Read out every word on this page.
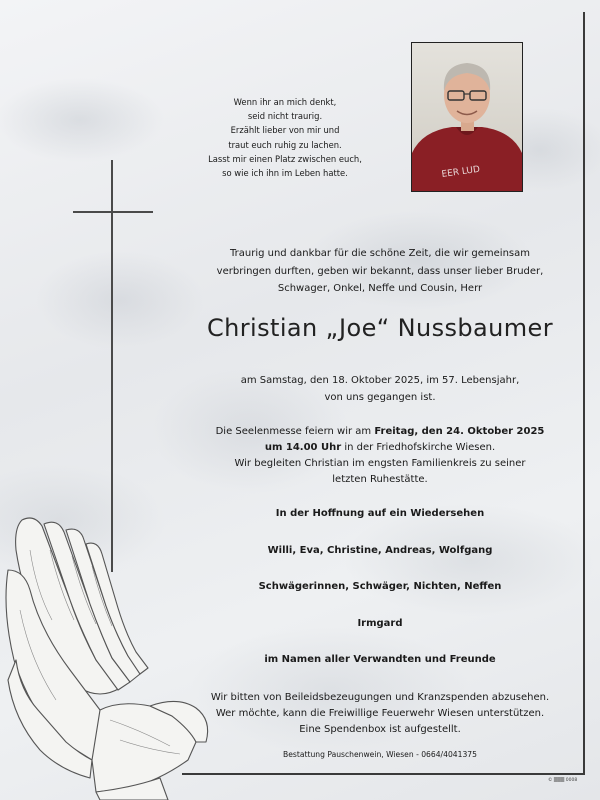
EER LUD
Wenn ihr an mich denkt,
seid nicht traurig.
Erzählt lieber von mir und
traut euch ruhig zu lachen.
Lasst mir einen Platz zwischen euch,
so wie ich ihn im Leben hatte.
Traurig und dankbar für die schöne Zeit, die wir gemeinsam
verbringen durften, geben wir bekannt, dass unser lieber Bruder,
Schwager, Onkel, Neffe und Cousin, Herr
Christian „Joe“ Nussbaumer
am Samstag, den 18. Oktober 2025, im 57. Lebensjahr,
von uns gegangen ist.
Die Seelenmesse feiern wir am Freitag, den 24. Oktober 2025
um 14.00 Uhr in der Friedhofskirche Wiesen.
Wir begleiten Christian im engsten Familienkreis zu seiner
letzten Ruhestätte.
In der Hoffnung auf ein Wiedersehen
Willi, Eva, Christine, Andreas, Wolfgang
Schwägerinnen, Schwäger, Nichten, Neffen
Irmgard
im Namen aller Verwandten und Freunde
Wir bitten von Beileidsbezeugungen und Kranzspenden abzusehen.
Wer möchte, kann die Freiwillige Feuerwehr Wiesen unterstützen.
Eine Spendenbox ist aufgestellt.
Bestattung Pauschenwein, Wiesen - 0664/4041375
© ▒▒▒ 0008
